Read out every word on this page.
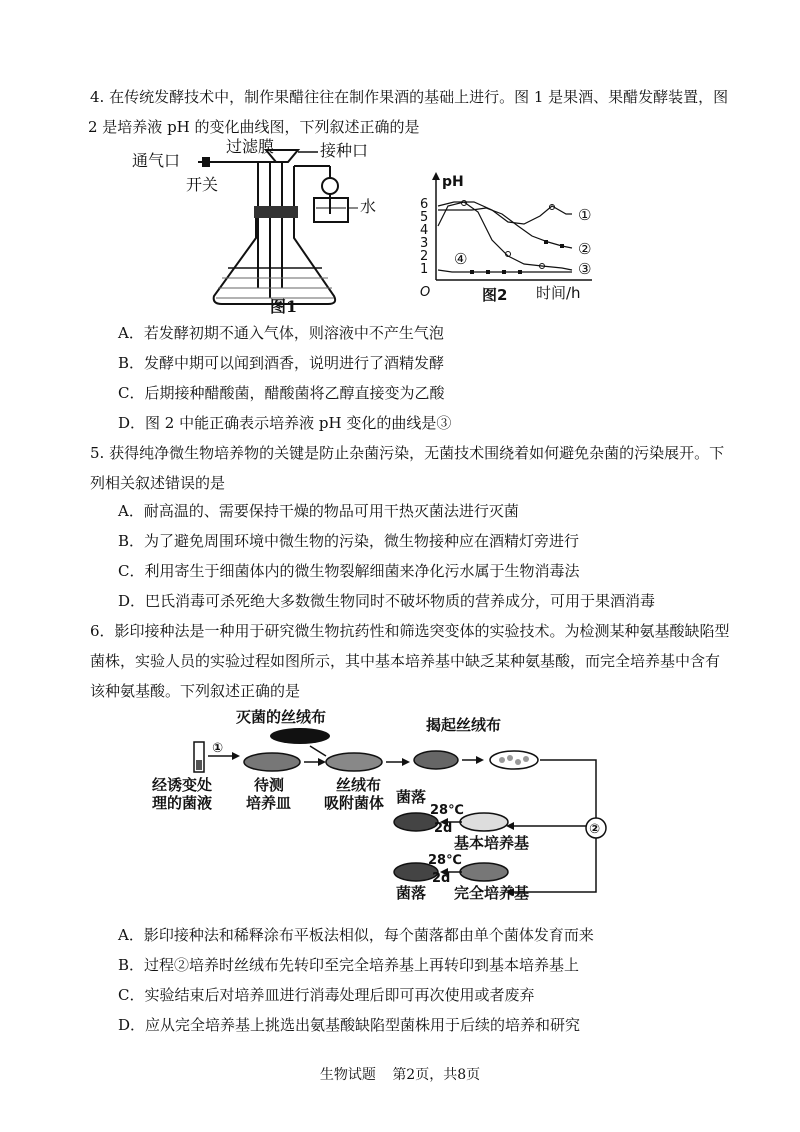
4. 在传统发酵技术中，制作果醋往往在制作果酒的基础上进行。图 1 是果酒、果醋发酵装置，图
2 是培养液 pH 的变化曲线图，下列叙述正确的是
通气口
过滤膜	接种口
开关
水
图1
pH
O
6
5
4
3
2
1
①
②
③
④
图2 时间/h
A．若发酵初期不通入气体，则溶液中不产生气泡
B．发酵中期可以闻到酒香，说明进行了酒精发酵
C．后期接种醋酸菌，醋酸菌将乙醇直接变为乙酸
D．图 2 中能正确表示培养液 pH 变化的曲线是③
5. 获得纯净微生物培养物的关键是防止杂菌污染，无菌技术围绕着如何避免杂菌的污染展开。下
列相关叙述错误的是
A．耐高温的、需要保持干燥的物品可用干热灭菌法进行灭菌
B．为了避免周围环境中微生物的污染，微生物接种应在酒精灯旁进行
C．利用寄生于细菌体内的微生物裂解细菌来净化污水属于生物消毒法
D．巴氏消毒可杀死绝大多数微生物同时不破坏物质的营养成分，可用于果酒消毒
6．影印接种法是一种用于研究微生物抗药性和筛选突变体的实验技术。为检测某种氨基酸缺陷型
菌株，实验人员的实验过程如图所示，其中基本培养基中缺乏某种氨基酸，而完全培养基中含有
该种氨基酸。下列叙述正确的是
灭菌的丝绒布
①
揭起丝绒布
②
菌落
28℃
2d
基本培养基
28℃
2d
菌落 完全培养基
经诱变处
理的菌液
待测
培养皿
丝绒布
吸附菌体
A．影印接种法和稀释涂布平板法相似，每个菌落都由单个菌体发育而来
B．过程②培养时丝绒布先转印至完全培养基上再转印到基本培养基上
C．实验结束后对培养皿进行消毒处理后即可再次使用或者废弃
D．应从完全培养基上挑选出氨基酸缺陷型菌株用于后续的培养和研究
生物试题 第2页，共8页
